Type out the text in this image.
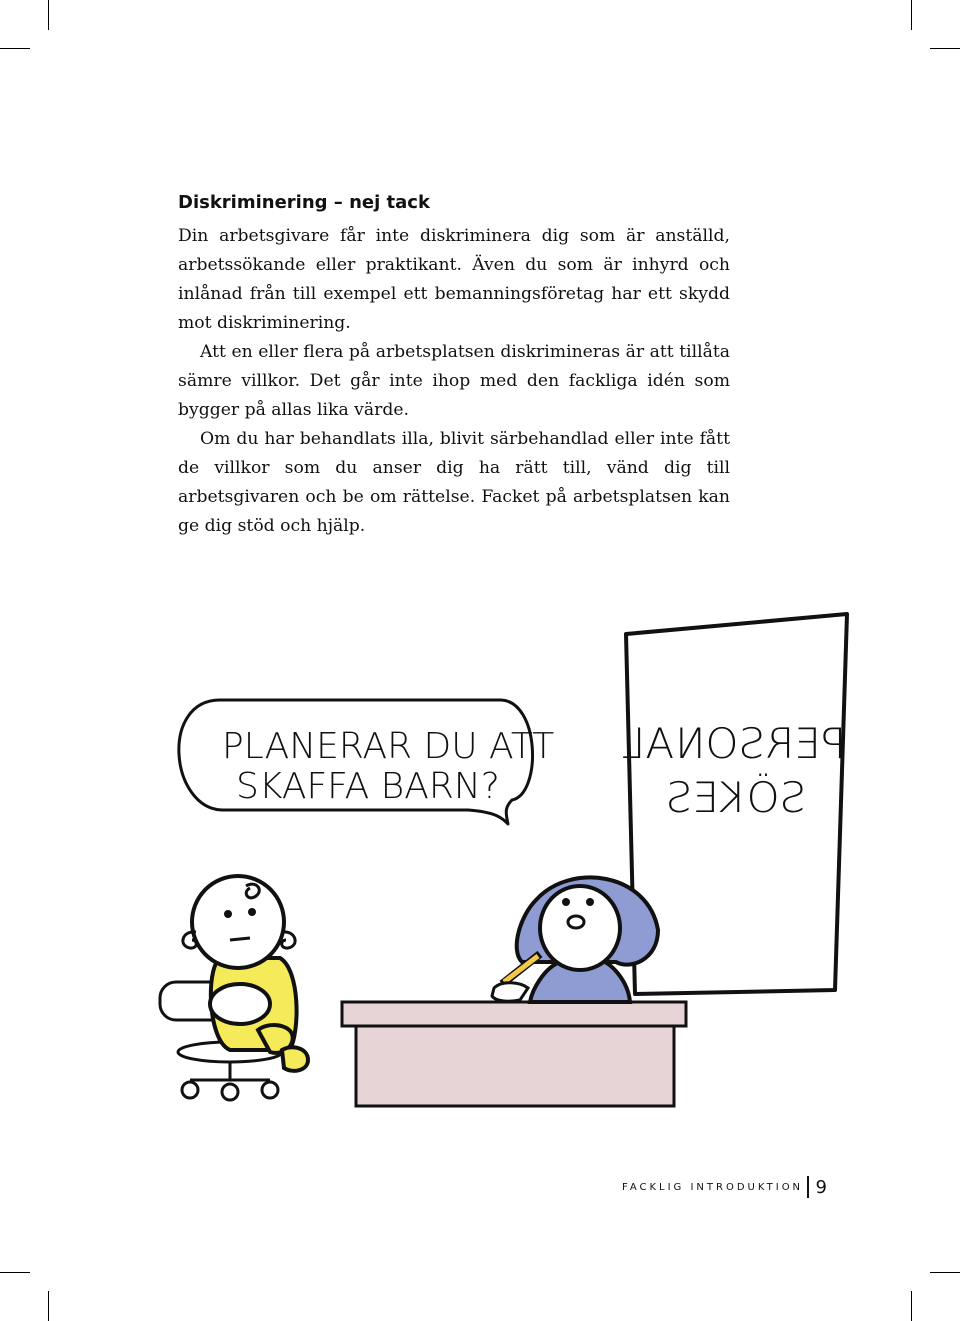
Diskriminering – nej tack

Din arbetsgivare får inte diskriminera dig som är anställd, arbetssökande eller praktikant. Även du som är inhyrd och inlånad från till exempel ett bemanningsföretag har ett skydd mot diskriminering.

Att en eller flera på arbetsplatsen diskrimineras är att tillåta sämre villkor. Det går inte ihop med den fackliga idén som bygger på allas lika värde.

Om du har behandlats illa, blivit särbehandlad eller inte fått de villkor som du anser dig ha rätt till, vänd dig till arbetsgivaren och be om rättelse. Facket på arbetsplatsen kan ge dig stöd och hjälp.

PERSONAL
SÖKES
PLANERAR DU ATT
SKAFFA BARN?
FACKLIG INTRODUKTION 9
